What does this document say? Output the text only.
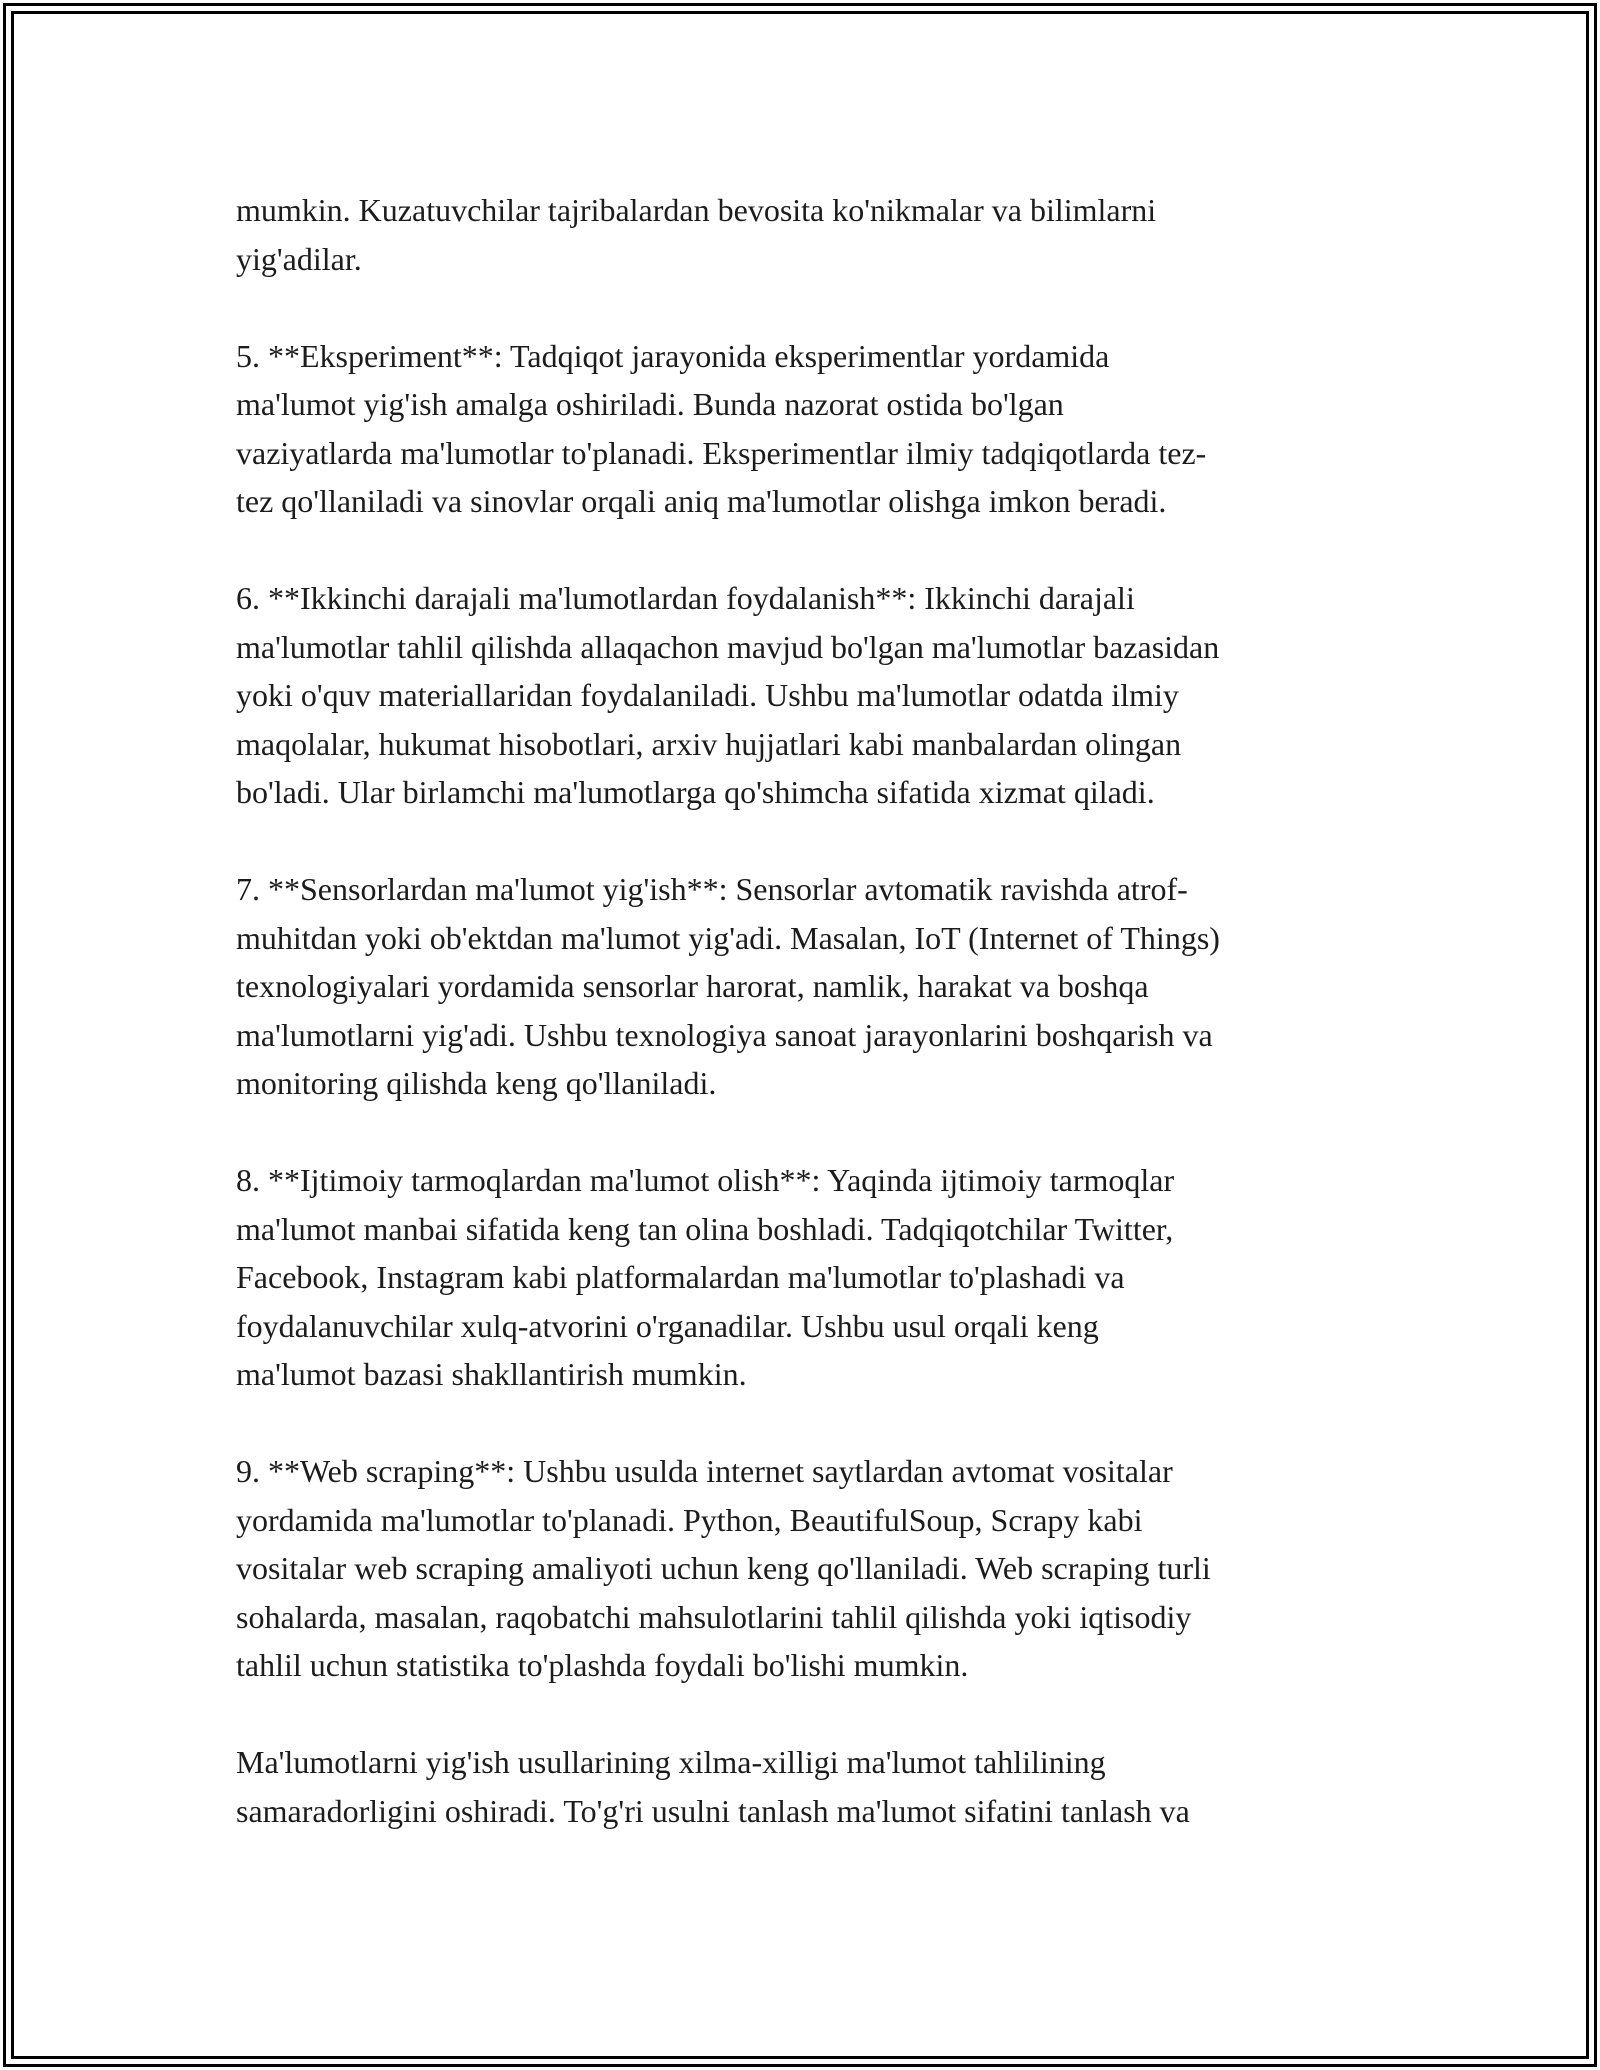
mumkin. Kuzatuvchilar tajribalardan bevosita ko'nikmalar va bilimlarni
yig'adilar.

5. **Eksperiment**: Tadqiqot jarayonida eksperimentlar yordamida
ma'lumot yig'ish amalga oshiriladi. Bunda nazorat ostida bo'lgan
vaziyatlarda ma'lumotlar to'planadi. Eksperimentlar ilmiy tadqiqotlarda tez-
tez qo'llaniladi va sinovlar orqali aniq ma'lumotlar olishga imkon beradi.

6. **Ikkinchi darajali ma'lumotlardan foydalanish**: Ikkinchi darajali
ma'lumotlar tahlil qilishda allaqachon mavjud bo'lgan ma'lumotlar bazasidan
yoki o'quv materiallaridan foydalaniladi. Ushbu ma'lumotlar odatda ilmiy
maqolalar, hukumat hisobotlari, arxiv hujjatlari kabi manbalardan olingan
bo'ladi. Ular birlamchi ma'lumotlarga qo'shimcha sifatida xizmat qiladi.

7. **Sensorlardan ma'lumot yig'ish**: Sensorlar avtomatik ravishda atrof-
muhitdan yoki ob'ektdan ma'lumot yig'adi. Masalan, IoT (Internet of Things)
texnologiyalari yordamida sensorlar harorat, namlik, harakat va boshqa
ma'lumotlarni yig'adi. Ushbu texnologiya sanoat jarayonlarini boshqarish va
monitoring qilishda keng qo'llaniladi.

8. **Ijtimoiy tarmoqlardan ma'lumot olish**: Yaqinda ijtimoiy tarmoqlar
ma'lumot manbai sifatida keng tan olina boshladi. Tadqiqotchilar Twitter,
Facebook, Instagram kabi platformalardan ma'lumotlar to'plashadi va
foydalanuvchilar xulq-atvorini o'rganadilar. Ushbu usul orqali keng
ma'lumot bazasi shakllantirish mumkin.

9. **Web scraping**: Ushbu usulda internet saytlardan avtomat vositalar
yordamida ma'lumotlar to'planadi. Python, BeautifulSoup, Scrapy kabi
vositalar web scraping amaliyoti uchun keng qo'llaniladi. Web scraping turli
sohalarda, masalan, raqobatchi mahsulotlarini tahlil qilishda yoki iqtisodiy
tahlil uchun statistika to'plashda foydali bo'lishi mumkin.

Ma'lumotlarni yig'ish usullarining xilma-xilligi ma'lumot tahlilining
samaradorligini oshiradi. To'g'ri usulni tanlash ma'lumot sifatini tanlash va
